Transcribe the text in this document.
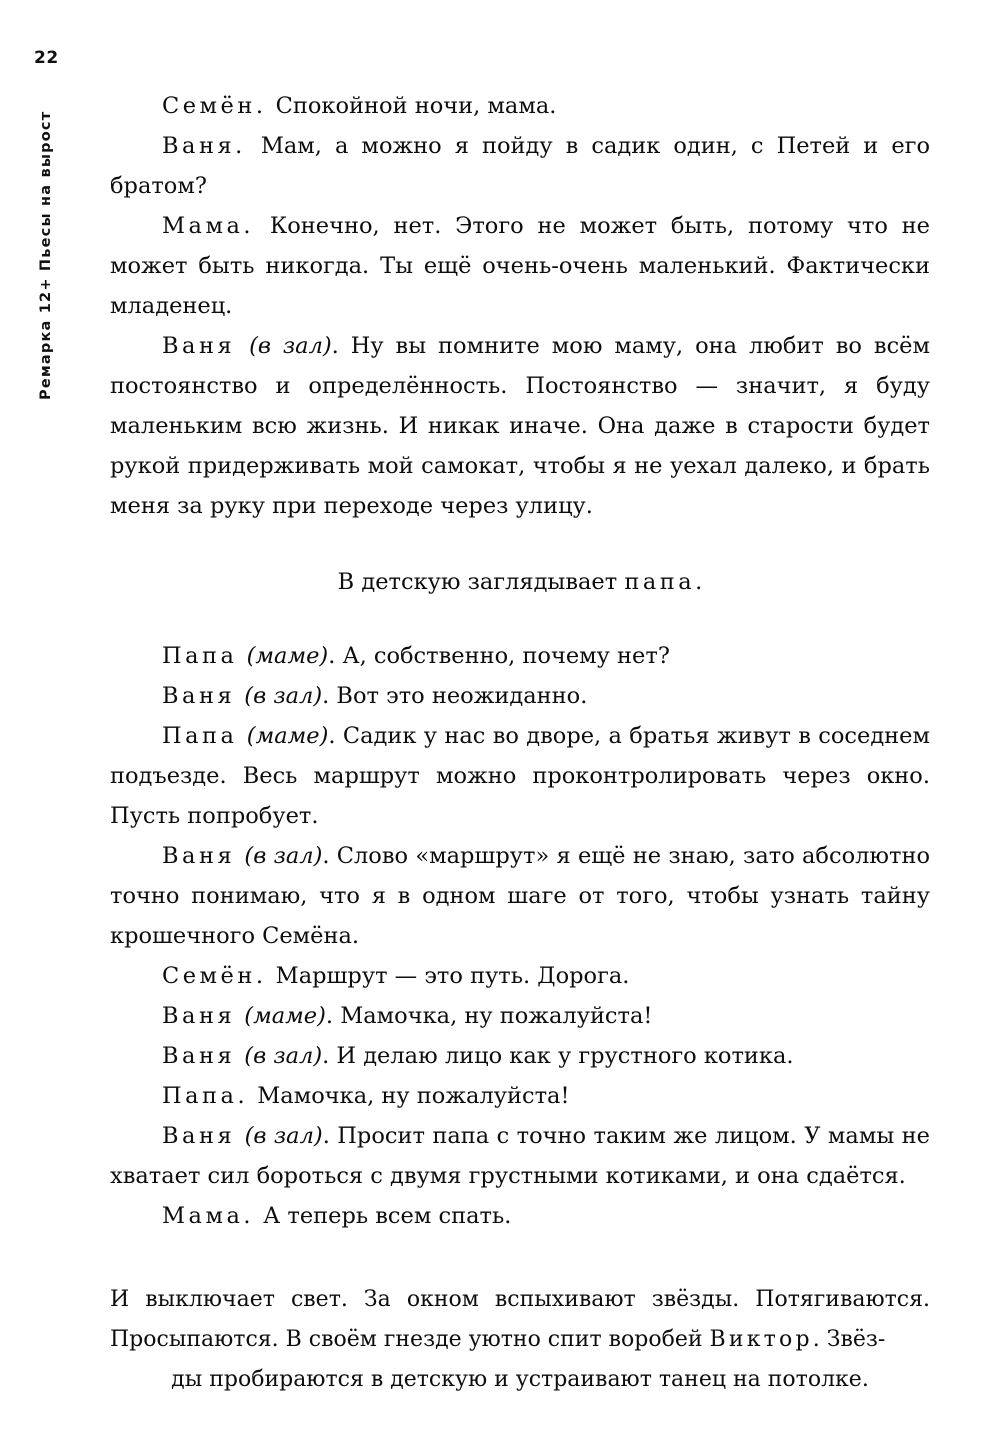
22
Ремарка 12+ Пьесы на вырост

Семён. Спокойной ночи, мама.

Ваня. Мам, а можно я пойду в садик один, с Петей и его братом?

Мама. Конечно, нет. Этого не может быть, потому что не может быть никогда. Ты ещё очень-очень маленький. Фактически младенец.

Ваня (в зал). Ну вы помните мою маму, она любит во всём постоянство и определённость. Постоянство — значит, я буду маленьким всю жизнь. И никак иначе. Она даже в старости будет рукой придерживать мой самокат, чтобы я не уехал далеко, и брать меня за руку при переходе через улицу.

В детскую заглядывает папа.

Папа (маме). А, собственно, почему нет?

Ваня (в зал). Вот это неожиданно.

Папа (маме). Садик у нас во дворе, а братья живут в соседнем подъезде. Весь маршрут можно проконтролировать через окно. Пусть попробует.

Ваня (в зал). Слово «маршрут» я ещё не знаю, зато абсолютно точно понимаю, что я в одном шаге от того, чтобы узнать тайну крошечного Семёна.

Семён. Маршрут — это путь. Дорога.

Ваня (маме). Мамочка, ну пожалуйста!

Ваня (в зал). И делаю лицо как у грустного котика.

Папа. Мамочка, ну пожалуйста!

Ваня (в зал). Просит папа с точно таким же лицом. У мамы не хватает сил бороться с двумя грустными котиками, и она сдаётся.

Мама. А теперь всем спать.

И выключает свет. За окном вспыхивают звёзды. Потягиваются. Просыпаются. В своём гнезде уютно спит воробей Виктор. Звёз-

ды пробираются в детскую и устраивают танец на потолке.
